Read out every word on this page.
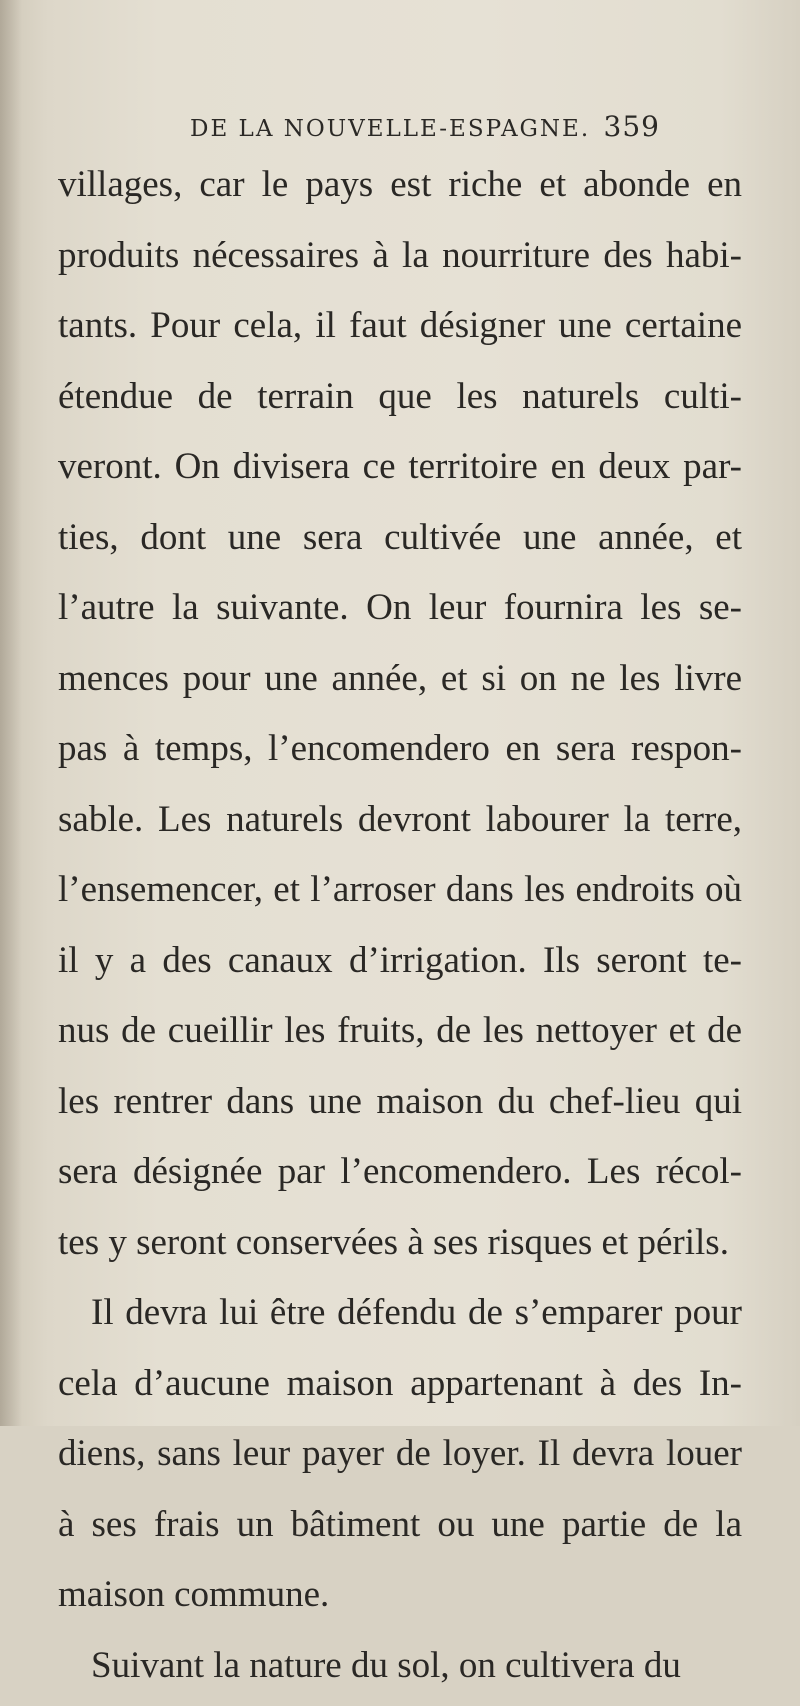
DE LA NOUVELLE-ESPAGNE. 359
villages, car le pays est riche et abonde en
produits nécessaires à la nourriture des habi-
tants. Pour cela, il faut désigner une certaine
étendue de terrain que les naturels culti-
veront. On divisera ce territoire en deux par-
ties, dont une sera cultivée une année, et
l’autre la suivante. On leur fournira les se-
mences pour une année, et si on ne les livre
pas à temps, l’encomendero en sera respon-
sable. Les naturels devront labourer la terre,
l’ensemencer, et l’arroser dans les endroits où
il y a des canaux d’irrigation. Ils seront te-
nus de cueillir les fruits, de les nettoyer et de
les rentrer dans une maison du chef-lieu qui
sera désignée par l’encomendero. Les récol-
tes y seront conservées à ses risques et périls.
Il devra lui être défendu de s’emparer pour
cela d’aucune maison appartenant à des In-
diens, sans leur payer de loyer. Il devra louer
à ses frais un bâtiment ou une partie de la
maison commune.
Suivant la nature du sol, on cultivera du
